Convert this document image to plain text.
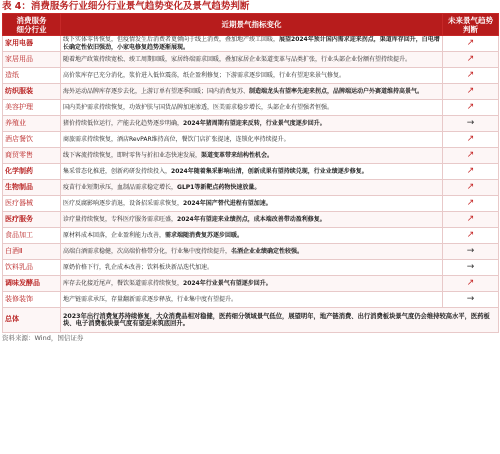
表 4：消费服务行业细分行业景气趋势变化及景气趋势判断
消费服务
细分行业	近期景气指标变化	未来景气趋势
判断
家用电器	线下实体零售恢复，但疫情发生后消费者更倾向于线上消费，叠加地产竣工回暖，展望2024年预计国内需求迎来拐点，渠道库存回升，白电增长确定性依旧强劲，小家电修复趋势逐渐展现。	↗
家居用品	随着地产政策持续宽松、竣工周期回暖，家居终端需求回暖，叠加家居企业渠道变革与品类扩张，行业头部企业份额有望持续提升。	↗
造纸	高价浆库存已充分消化，浆价进入低位震荡，纸企盈利修复；下游需求逐步回暖，行业有望迎来景气修复。	↗
纺织服装	海外运动品牌库存逐步去化，上游订单有望逐季回暖；国内消费复苏、制造端龙头有望率先迎来拐点，品牌端运动户外赛道维持高景气。	↗
美容护理	国内美护需求持续恢复，功效护肤与国货品牌加速渗透，医美需求稳步增长，头部企业有望强者恒强。	↗
养殖业	猪价持续低位运行，产能去化趋势逐步明确，2024年猪周期有望迎来反转，行业景气度逐步回升。	→
酒店餐饮	商旅需求持续恢复，酒店RevPAR维持高位，餐饮门店扩张提速，连锁化率持续提升。	↗
商贸零售	线下客流持续恢复，即时零售与折扣业态快速发展，渠道变革带来结构性机会。	↗
化学制药	集采常态化推进，创新药研发持续投入，2024年随着集采影响出清，创新成果有望持续兑现，行业业绩逐步修复。	↗
生物制品	疫苗行业短期承压，血制品需求稳定增长，GLP1等新靶点药物快速放量。	↗
医疗器械	医疗反腐影响逐步消退，设备招采需求恢复，2024年国产替代进程有望加速。	↗
医疗服务	诊疗量持续恢复，专科医疗服务需求旺盛，2024年有望迎来业绩拐点，成本端改善带动盈利修复。	↗
食品加工	原材料成本回落，企业盈利能力改善，需求端随消费复苏逐步回暖。	↗
白酒Ⅱ	高端白酒需求稳健，次高端价格带分化，行业集中度持续提升，名酒企业业绩确定性较强。	→
饮料乳品	原奶价格下行，乳企成本改善；饮料板块新品迭代加速。	→
调味发酵品	库存去化接近尾声，餐饮渠道需求持续恢复，2024年行业景气有望逐步回升。	↗
装修装饰	地产链需求承压，存量翻新需求逐步释放，行业集中度有望提升。	→
总体	2023年出行消费复苏持续修复，大众消费品相对稳健，医药细分领域景气低位，展望明年，地产链消费、出行消费板块景气度仍会维持较高水平，医药板块、电子消费板块景气度有望迎来筑底回升。	
资料来源：Wind，国信证券
